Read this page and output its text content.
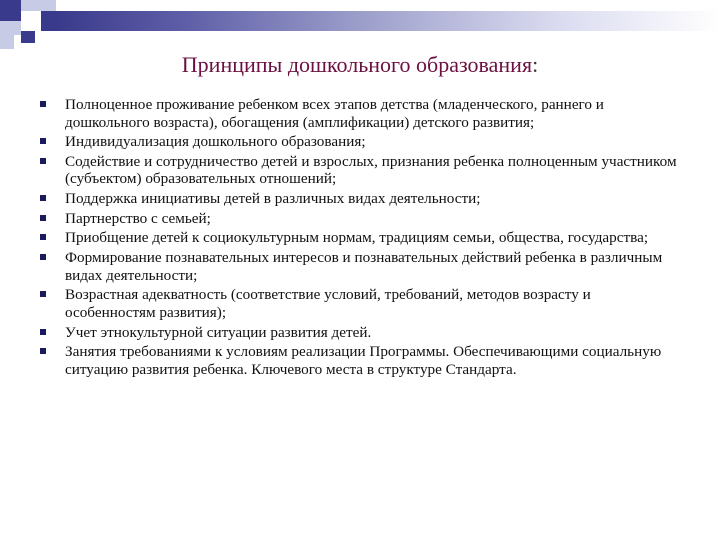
Принципы дошкольного образования:
Полноценное проживание ребенком всех этапов детства (младенческого, раннего и дошкольного возраста), обогащения (амплификации) детского развития;
Индивидуализация дошкольного образования;
Содействие и сотрудничество детей и взрослых, признания ребенка полноценным участником (субъектом) образовательных отношений;
Поддержка инициативы детей в различных видах деятельности;
Партнерство с семьей;
Приобщение детей к социокультурным нормам, традициям семьи, общества, государства;
Формирование познавательных интересов и познавательных действий ребенка в различным видах деятельности;
Возрастная адекватность (соответствие условий, требований, методов возрасту и особенностям развития);
Учет этнокультурной ситуации развития детей.
Занятия требованиями к условиям реализации Программы. Обеспечивающими социальную ситуацию развития ребенка. Ключевого места в структуре Стандарта.
